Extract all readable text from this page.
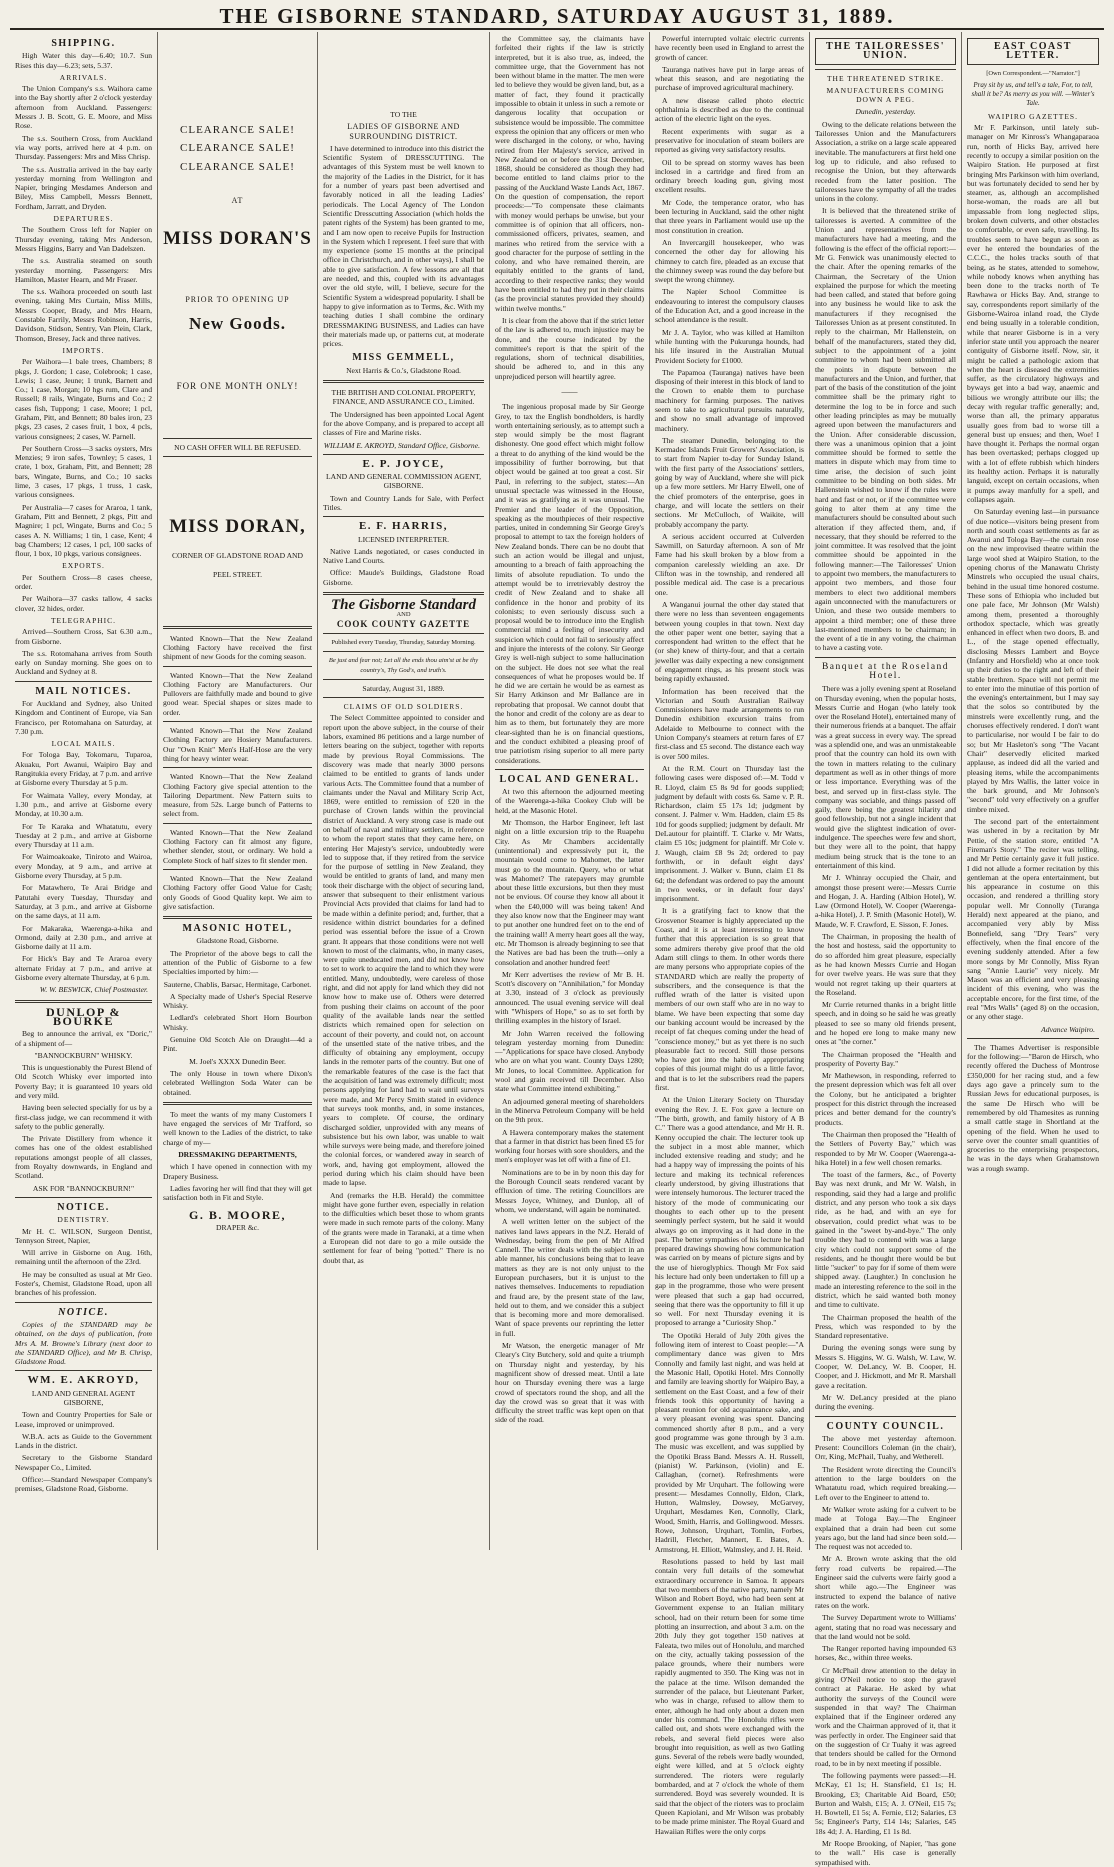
THE GISBORNE STANDARD, SATURDAY AUGUST 31, 1889.
SHIPPING.

High Water this day—6.40; 10.7. Sun Rises this day—6.23; sets, 5.37.

ARRIVALS.

The Union Company's s.s. Waihora came into the Bay shortly after 2 o'clock yesterday afternoon from Auckland. Passengers: Messrs J. B. Scott, G. E. Moore, and Miss Rose.

The s.s. Southern Cross, from Auckland via way ports, arrived here at 4 p.m. on Thursday. Passengers: Mrs and Miss Chrisp.

The s.s. Australia arrived in the bay early yesterday morning from Wellington and Napier, bringing Mesdames Anderson and Biley, Miss Campbell, Messrs Bennett, Fordham, Jarratt, and Dryden.

DEPARTURES.

The Southern Cross left for Napier on Thursday evening, taking Mrs Anderson, Messrs Higgins, Barry and Van Dadelszen.

The s.s. Australia steamed on south yesterday morning. Passengers: Mrs Hamilton, Master Hearn, and Mr Fraser.

The s.s. Waihora proceeded on south last evening, taking Mrs Curtain, Miss Mills, Messrs Cooper, Brady, and Mrs Hearn, Constable Farrily, Messrs Robinson, Harris, Davidson, Stidson, Sentry, Van Plein, Clark, Thomson, Bresey, Jack and three natives.

IMPORTS.

Per Waihora—1 bale trees, Chambers; 8 pkgs, J. Gordon; 1 case, Colebrook; 1 case, Lewis; 1 case, Jeune; 1 trunk, Barnett and Co.; 1 case, Morgan; 10 hgs rum, Clare and Russell; 8 rails, Wingate, Burns and Co.; 2 cases fish, Tuppong; 1 case, Moore; 1 pcl, Graham, Pitt, and Bennett; 80 bales iron, 23 pkgs, 23 cases, 2 cases fruit, 1 box, 4 pcls, various consignees; 2 cases, W. Parnell.

Per Southern Cross—3 sacks oysters, Mrs Menzies; 9 iron safes, Townley; 5 cases, 1 crate, 1 box, Graham, Pitt, and Bennett; 28 bars, Wingate, Burns, and Co.; 10 sacks lime, 3 cases, 17 pkgs, 1 truss, 1 cask, various consignees.

Per Australia—7 cases for Araroa, 1 tank, Graham, Pitt and Bennett, 2 pkgs, Pitt and Magnire; 1 pcl, Wingate, Burns and Co.; 5 cases A. N. Williams; 1 tin, 1 case, Kent; 4 bag Chambers; 12 cases, 1 pcl, 100 sacks of flour, 1 box, 10 pkgs, various consignees.

EXPORTS.

Per Southern Cross—8 cases cheese, order.

Per Waihora—37 casks tallow, 4 sacks clover, 32 hides, order.

TELEGRAPHIC.

Arrived—Southern Cross, Sat 6.30 a.m., from Gisborne.

The s.s. Rotomahana arrives from South early on Sunday morning. She goes on to Auckland and Sydney at 8.

MAIL NOTICES.

For Auckland and Sydney, also United Kingdom and Continent of Europe, via San Francisco, per Rotomahana on Saturday, at 7.30 p.m.

LOCAL MAILS.

For Tologa Bay, Tokomaru, Tuparoa, Akuaku, Port Awanui, Waipiro Bay and Rangitukia every Friday, at 7 p.m. and arrive at Gisborne every Thursday at 5 p.m.

For Waimata Valley, every Monday, at 1.30 p.m., and arrive at Gisborne every Monday, at 10.30 a.m.

For Te Karaka and Whatatutu, every Tuesday at 2 p.m., and arrive at Gisborne every Thursday at 11 a.m.

For Waimoakoake, Tiniroto and Wairoa, every Monday, at 9 a.m., and arrive at Gisborne every Thursday, at 5 p.m.

For Matawhero, Te Arai Bridge and Patutahi every Tuesday, Thursday and Saturday, at 3 p.m., and arrive at Gisborne on the same days, at 11 a.m.

For Makaraka, Waerenga-a-hika and Ormond, daily at 2.30 p.m., and arrive at Gisborne daily at 11 a.m.

For Hick's Bay and Te Araroa every alternate Friday at 7 p.m., and arrive at Gisborne every alternate Thursday, at 6 p.m.

W. W. BESWICK, Chief Postmaster.
DUNLOP & BOURKE

Beg to announce the arrival, ex "Doric," of a shipment of—

"BANNOCKBURN" WHISKY.

This is unquestionably the Purest Blend of Old Scotch Whisky ever imported into Poverty Bay; it is guaranteed 10 years old and very mild.

Having been selected specially for us by a first-class judge, we can recommend it with safety to the public generally.

The Private Distillery from whence it comes has one of the oldest established reputations amongst people of all classes, from Royalty downwards, in England and Scotland.

ASK FOR "BANNOCKBURN!"
NOTICE.
DENTISTRY.

Mr H. C. WILSON, Surgeon Dentist, Tennyson Street, Napier,

Will arrive in Gisborne on Aug. 16th, remaining until the afternoon of the 23rd.

He may be consulted as usual at Mr Geo. Foster's, Chemist, Gladstone Road, upon all branches of his profession.

NOTICE.

Copies of the STANDARD may be obtained, on the days of publication, from Mrs A. M. Browne's Library (next door to the STANDARD Office), and Mr B. Chrisp, Gladstone Road.

WM. E. AKROYD,
LAND AND GENERAL AGENT GISBORNE,

Town and Country Properties for Sale or Lease, improved or unimproved.

W.B.A. acts as Guide to the Government Lands in the district.

Secretary to the Gisborne Standard Newspaper Co., Limited.

Office:—Standard Newspaper Company's premises, Gladstone Road, Gisborne.

CLEARANCE SALE!
CLEARANCE SALE!
CLEARANCE SALE!
AT
MISS DORAN'S
PRIOR TO OPENING UP
New Goods.
FOR ONE MONTH ONLY!
NO CASH OFFER WILL BE REFUSED.
MISS DORAN,
CORNER OF GLADSTONE ROAD AND
PEEL STREET.

Wanted Known—That the New Zealand Clothing Factory have received the first shipment of new Goods for the coming season.

Wanted Known—That the New Zealand Clothing Factory are Manufacturers. Our Pullovers are faithfully made and bound to give good wear. Special shapes or sizes made to order.

Wanted Known—That the New Zealand Clothing Factory are Hosiery Manufacturers. Our "Own Knit" Men's Half-Hose are the very thing for heavy winter wear.

Wanted Known—That the New Zealand Clothing Factory give special attention to the Tailoring Department. New Pattern suits to measure, from 52s. Large bunch of Patterns to select from.

Wanted Known—That the New Zealand Clothing Factory can fit almost any figure, whether slender, stout, or ordinary. We hold a Complete Stock of half sizes to fit slender men.

Wanted Known—That the New Zealand Clothing Factory offer Good Value for Cash; only Goods of Good Quality kept. We aim to give satisfaction.

MASONIC HOTEL,
Gladstone Road, Gisborne.

The Proprietor of the above begs to call the attention of the Public of Gisborne to a few Specialties imported by him:—

Sauterne, Chablis, Barsac, Hermitage, Carbonet.

A Specialty made of Usher's Special Reserve Whisky.

Ledlard's celebrated Short Horn Bourbon Whisky.

Genuine Old Scotch Ale on Draught—4d a Pint.

M. Joel's XXXX Dunedin Beer.

The only House in town where Dixon's celebrated Wellington Soda Water can be obtained.

To meet the wants of my many Customers I have engaged the services of Mr Trafford, so well known to the Ladies of the district, to take charge of my—

DRESSMAKING DEPARTMENTS,

which I have opened in connection with my Drapery Business.

Ladies favoring her will find that they will get satisfaction both in Fit and Style.

G. B. MOORE,
DRAPER &c.
TO THE
LADIES OF GISBORNE AND SURROUNDING DISTRICT.

I have determined to introduce into this district the Scientific System of DRESSCUTTING. The advantages of this System must be well known to the majority of the Ladies in the District, for it has for a number of years past been advertised and favorably noticed in all the leading Ladies' periodicals. The Local Agency of The London Scientific Dresscutting Association (which holds the patent rights of the System) has been granted to me, and I am now open to receive Pupils for Instruction in the System which I represent. I feel sure that with my experience (some 15 months at the principal office in Christchurch, and in other ways), I shall be able to give satisfaction. A few lessons are all that are needed, and this, coupled with its advantages over the old style, will, I believe, secure for the Scientific System a widespread popularity. I shall be happy to give information as to Terms, &c. With my teaching duties I shall combine the ordinary DRESSMAKING BUSINESS, and Ladies can have their materials made up, or patterns cut, at moderate prices.

MISS GEMMELL,
Next Harris & Co.'s, Gladstone Road.
THE BRITISH AND COLONIAL PROPERTY, FINANCE, AND ASSURANCE CO., Limited.

The Undersigned has been appointed Local Agent for the above Company, and is prepared to accept all classes of Fire and Marine risks.

WILLIAM E. AKROYD, Standard Office, Gisborne.
E. P. JOYCE,
LAND AND GENERAL COMMISSION AGENT, GISBORNE.

Town and Country Lands for Sale, with Perfect Titles.

E. F. HARRIS,
LICENSED INTERPRETER.

Native Lands negotiated, or cases conducted in Native Land Courts.

Office: Maude's Buildings, Gladstone Road Gisborne.

The Gisborne Standard
AND
COOK COUNTY GAZETTE
Published every Tuesday, Thursday, Saturday Morning.
Be just and fear not; Let all the ends thou aim'st at be thy country's, Thy God's, and truth's.
Saturday, August 31, 1889.
CLAIMS OF OLD SOLDIERS.

The Select Committee appointed to consider and report upon the above subject, in the course of their labors, examined 86 petitions and a large number of letters bearing on the subject, together with reports made by previous Royal Commissions. The discovery was made that nearly 3000 persons claimed to be entitled to grants of lands under various Acts. The Committee found that a number of claimants under the Naval and Military Scrip Act, 1869, were entitled to remission of £20 in the purchase of Crown lands within the provincial district of Auckland. A very strong case is made out on behalf of naval and military settlers, in reference to whom the report states that they came here, on entering Her Majesty's service, undoubtedly were led to suppose that, if they retired from the service for the purpose of settling in New Zealand, they would be entitled to grants of land, and many men took their discharge with the object of securing land, answer that subsequent to their enlistment various Provincial Acts provided that claims for land had to be made within a definite period; and, further, that a residence within district boundaries for a defined period was essential before the issue of a Crown grant. It appears that those conditions were not well known to most of the claimants, who, in many cases, were quite uneducated men, and did not know how to set to work to acquire the land to which they were entitled. Many, undoubtedly, were careless of those right, and did not apply for land which they did not know how to make use of. Others were deterred from pushing their claims on account of the poor quality of the available lands near the settled districts which remained open for selection on account of their poverty, and could not, on account of the unsettled state of the native tribes, and the difficulty of obtaining any employment, occupy lands in the remoter parts of the country. But one of the remarkable features of the case is the fact that the acquisition of land was extremely difficult; most persons applying for land had to wait until surveys were made, and Mr Percy Smith stated in evidence that surveys took months, and, in some instances, years to complete. Of course, the ordinary discharged soldier, unprovided with any means of subsistence but his own labor, was unable to wait while surveys were being made, and therefore joined the colonial forces, or wandered away in search of work, and, having got employment, allowed the period during which his claim should have been made to lapse.

And (remarks the H.B. Herald) the committee might have gone further even, especially in relation to the difficulties which beset those to whom grants were made in such remote parts of the colony. Many of the grants were made in Taranaki, at a time when a European did not dare to go a mile outside the settlement for fear of being "potted." There is no doubt that, as

the Committee say, the claimants have forfeited their rights if the law is strictly interpreted, but it is also true, as, indeed, the committee urge, that the Government has not been without blame in the matter. The men were led to believe they would be given land, but, as a matter of fact, they found it practically impossible to obtain it unless in such a remote or dangerous locality that occupation or subsistence would be impossible. The committee express the opinion that any officers or men who were discharged in the colony, or who, having retired from Her Majesty's service, arrived in New Zealand on or before the 31st December, 1868, should be considered as though they had become entitled to land claims prior to the passing of the Auckland Waste Lands Act, 1867. On the question of compensation, the report proceeds:—"To compensate these claimants with money would perhaps be unwise, but your committee is of opinion that all officers, non-commissioned officers, privates, seamen, and marines who retired from the service with a good character for the purpose of settling in the colony, and who have remained therein, are equitably entitled to the grants of land, according to their respective ranks; they would have been entitled to had they put in their claims (as the provincial statutes provided they should) within twelve months."

It is clear from the above that if the strict letter of the law is adhered to, much injustice may be done, and the course indicated by the committee's report is that the spirit of the regulations, shorn of technical disabilities, should be adhered to, and in this any unprejudiced person will heartily agree.

——

The ingenious proposal made by Sir George Grey, to tax the English bondholders, is hardly worth entertaining seriously, as to attempt such a step would simply be the most flagrant dishonesty. One good effect which might follow a threat to do anything of the kind would be the impossibility of further borrowing, but that object would be gained at too great a cost. Sir Paul, in referring to the subject, states:—An unusual spectacle was witnessed in the House, and it was as gratifying as it was unusual. The Premier and the leader of the Opposition, speaking as the mouthpieces of their respective parties, united in condemning Sir George Grey's proposal to attempt to tax the foreign holders of New Zealand bonds. There can be no doubt that such an action would be illegal and unjust, amounting to a breach of faith approaching the limits of absolute repudiation. To undo the attempt would be to irretrievably destroy the credit of New Zealand and to shake all confidence in the honor and probity of its colonists; to even seriously discuss such a proposal would be to introduce into the English commercial mind a feeling of insecurity and suspicion which could not fail to seriously affect and injure the interests of the colony. Sir George Grey is well-nigh subject to some hallucination on the subject. He does not see what the real consequences of what he proposes would be. If he did we are certain he would be as earnest as Sir Harry Atkinson and Mr Ballance are in reprobating that proposal. We cannot doubt that the honor and credit of the colony are as dear to him as to them, but fortunately they are more clear-sighted than he is on financial questions, and the conduct exhibited a pleasing proof of true patriotism rising superior to all mere party considerations.

LOCAL AND GENERAL.

At two this afternoon the adjourned meeting of the Waerenga-a-hika Cookey Club will be held, at the Masonic Hotel.

Mr Thomson, the Harbor Engineer, left last night on a little excursion trip to the Ruapehu City. As Mr Chambers accidentally (unintentional) and expressively put it, the mountain would come to Mahomet, the latter must go to the mountain. Query, who or what was Mahomet? The ratepayers may grumble about these little excursions, but then they must not be envious. Of course they know all about it when the £40,000 will was being taken! And they also know now that the Engineer may want to put another one hundred feet on to the end of the training wall! A merry heart goes all the way, etc. Mr Thomson is already beginning to see that the Natives are bad has been the truth—only a consolation and another hundred feet!

Mr Kerr advertises the review of Mr B. H. Scott's discovery on "Annihilation," for Monday at 3.30, instead of 3 o'clock as previously announced. The usual evening service will deal with "Whispers of Hope," so as to set forth by thrilling examples in the history of Israel.

Mr John Warren received the following telegram yesterday morning from Dunedin:—"Applications for space have closed. Anybody who are on what you want. County Days 1280; Mr Jones, to local Committee. Application for wool and grain received till December. Also state what Committee intend exhibiting."

An adjourned general meeting of shareholders in the Minerva Petroleum Company will be held on the 9th prox.

A Hawera contemporary makes the statement that a farmer in that district has been fined £5 for working four horses with sore shoulders, and the men's employer was let off with a fine of £1.

Nominations are to be in by noon this day for the Borough Council seats rendered vacant by effluxion of time. The retiring Councillors are Messrs Joyce, Whitney, and Dunlop, all of whom, we understand, will again be nominated.

A well written letter on the subject of the natives land laws appears in the N.Z. Herald of Wednesday, being from the pen of Mr Alfred Cannell. The writer deals with the subject in an able manner, his conclusions being that to leave matters as they are is not only unjust to the European purchasers, but it is unjust to the natives themselves. Inducements to repudiation and fraud are, by the present state of the law, held out to them, and we consider this a subject that is becoming more and more demoralised. Want of space prevents our reprinting the letter in full.

Mr Watson, the energetic manager of Mr Cleary's City Butchery, sold and quite a triumph on Thursday night and yesterday, by his magnificent show of dressed meat. Until a late hour on Thursday evening there was a large crowd of spectators round the shop, and all the day the crowd was so great that it was with difficulty the street traffic was kept open on that side of the road.

Powerful interrupted voltaic electric currents have recently been used in England to arrest the growth of cancer.

Tauranga natives have put in large areas of wheat this season, and are negotiating the purchase of improved agricultural machinery.

A new disease called photo electric ophthalmia is described as due to the continual action of the electric light on the eyes.

Recent experiments with sugar as a preservative for inoculation of steam boilers are reported as giving very satisfactory results.

Oil to be spread on stormy waves has been inclosed in a cartridge and fired from an ordinary breech loading gun, giving most excellent results.

Mr Code, the temperance orator, who has been lecturing in Auckland, said the other night that three years in Parliament would use up the most constitution in creation.

An Invercargill housekeeper, who was concerned the other day for allowing his chimney to catch fire, pleaded as an excuse that the chimney sweep was round the day before but swept the wrong chimney.

The Napier School Committee is endeavouring to interest the compulsory clauses of the Education Act, and a good increase in the school attendance is the result.

Mr J. A. Taylor, who was killed at Hamilton while hunting with the Pukurunga hounds, had his life insured in the Australian Mutual Provident Society for £1000.

The Papamoa (Tauranga) natives have been disposing of their interest in this block of land to the Crown to enable them to purchase machinery for farming purposes. The natives seem to take to agricultural pursuits naturally, and show no small advantage of improved machinery.

The steamer Dunedin, belonging to the Kermadec Islands Fruit Growers' Association, is to start from Napier to-day for Sunday Island, with the first party of the Associations' settlers, going by way of Auckland, where she will pick up a few more settlers. Mr Harry Elwell, one of the chief promoters of the enterprise, goes in charge, and will locate the settlers on their sections. Mr McCulloch, of Waikite, will probably accompany the party.

A serious accident occurred at Culverden Sawmill, on Saturday afternoon. A son of Mr Fame had his skull broken by a blow from a companion carelessly wielding an axe. Dr Clifton was in the township, and rendered all possible medical aid. The case is a precarious one.

A Wanganui journal the other day stated that there were no less than seventeen engagements between young couples in that town. Next day the other paper went one better, saying that a correspondent had written to the effect that he (or she) knew of thirty-four, and that a certain jeweller was daily expecting a new consignment of engagement rings, as his present stock was being rapidly exhausted.

Information has been received that the Victorian and South Australian Railway Commissioners have made arrangements to run Dunedin exhibition excursion trains from Adelaide to Melbourne to connect with the Union Company's steamers at return fares of £7 first-class and £5 second. The distance each way is over 500 miles.

At the R.M. Court on Thursday last the following cases were disposed of:—M. Todd v R. Lloyd, claim £5 8s 9d for goods supplied; judgment by default with costs 6s. Same v. P. R. Richardson, claim £5 17s 1d; judgment by consent. J. Palmer v. Wm. Hadden, claim £5 8s 10d for goods supplied; judgment by default. Mr DeLautour for plaintiff. T. Clarke v. Mr Watts, claim £5 10s; judgment for plaintiff. Mr Cole v. J. Waugh, claim £8 9s 2d; ordered to pay forthwith, or in default eight days' imprisonment. J. Walker v. Bunn, claim £1 8s 6d; the defendant was ordered to pay the amount in two weeks, or in default four days' imprisonment.

It is a gratifying fact to know that the Grosvenor Steamer is highly appreciated up the Coast, and it is at least interesting to know further that this appreciation is so great that some admirers thereby give proof that the old Adam still clings to them. In other words there are many persons who appropriate copies of the STANDARD which are really the property of subscribers, and the consequence is that the ruffled wrath of the latter is visited upon members of our own staff who are in no way to blame. We have been expecting that some day our banking account would be increased by the receipt of fat cheques coming under the head of "conscience money," but as yet there is no such pleasurable fact to record. Still those persons who have got into the habit of appropriating copies of this journal might do us a little favor, and that is to let the subscribers read the papers first.

At the Union Literary Society on Thursday evening the Rev. J. E. Fox gave a lecture on "The birth, growth, and family history of A B C." There was a good attendance, and Mr H. R. Kenny occupied the chair. The lecturer took up the subject in a most able manner, which included extensive reading and study; and he had a happy way of impressing the points of his lecture and making its technical references clearly understood, by giving illustrations that were intensely humorous. The lecturer traced the history of the mode of communicating our thoughts to each other up to the present seemingly perfect system, but he said it would always go on improving as it had done in the past. The better sympathies of his lecture he had prepared drawings showing how communication was carried on by means of picture signs and by the use of hieroglyphics. Though Mr Fox said his lecture had only been undertaken to fill up a gap in the programme, those who were present were pleased that such a gap had occurred, seeing that there was the opportunity to fill it up so well. For next Thursday evening it is proposed to arrange a "Curiosity Shop."

The Opotiki Herald of July 20th gives the following item of interest to Coast people:—"A complimentary dance was given to Mrs Connolly and family last night, and was held at the Masonic Hall, Opotiki Hotel. Mrs Connolly and family are leaving shortly for Waipiro Bay, a settlement on the East Coast, and a few of their friends took this opportunity of having a pleasant reunion for old acquaintance sake, and a very pleasant evening was spent. Dancing commenced shortly after 8 p.m., and a very good programme was gone through by 3 a.m. The music was excellent, and was supplied by the Opotiki Brass Band. Messrs A. H. Russell, (pianist) W. Parkinson, (violin) and E. Callaghan, (cornet). Refreshments were provided by Mr Urquhart. The following were present:— Mesdames Connolly, Eldon, Clark, Hutton, Walmsley, Dowsey, McGarvey, Urquhart, Mesdames Ken, Connolly, Clark, Wood, Smith, Harris, and Gollingwood. Messrs. Rowe, Johnson, Urquhart, Tomlin, Forbes, Hadrill, Fletcher, Mannert, E. Bates, A. Armstrong, H. Elliott, Walmsley, and J. H. Reid.

Resolutions passed to held by last mail contain very full details of the somewhat extraordinary occurrence in Samoa. It appears that two members of the native party, namely Mr Wilson and Robert Boyd, who had been sent at Government expense to an Italian military school, had on their return been for some time plotting an insurrection, and about 3 a.m. on the 20th July they got together 150 natives at Faleata, two miles out of Honolulu, and marched on the city, actually taking possession of the palace grounds, where their numbers were rapidly augmented to 350. The King was not in the palace at the time. Wilson demanded the surrender of the palace, but Lieutenant Parker, who was in charge, refused to allow them to enter, although he had only about a dozen men under his command. The Honolulu rifles were called out, and shots were exchanged with the rebels, and several field pieces were also brought into requisition, as well as two Gatling guns. Several of the rebels were badly wounded, eight were killed, and at 5 o'clock eighty surrendered. The rioters were regularly bombarded, and at 7 o'clock the whole of them surrendered. Boyd was severely wounded. It is said that the object of the rioters was to proclaim Queen Kapiolani, and Mr Wilson was probably to be made prime minister. The Royal Guard and Hawaiian Rifles were the only corps

THE TAILORESSES' UNION.
THE THREATENED STRIKE.
MANUFACTURERS COMING DOWN A PEG.
Dunedin, yesterday.

Owing to the delicate relations between the Tailoresses Union and the Manufacturers Association, a strike on a large scale appeared inevitable. The manufacturers at first held one log up to ridicule, and also refused to recognise the Union, but they afterwards receded from the latter position. The tailoresses have the sympathy of all the trades unions in the colony.

It is believed that the threatened strike of tailoresses is averted. A committee of the Union and representatives from the manufacturers have had a meeting, and the following is the effect of the official report:—Mr G. Fenwick was unanimously elected to the chair. After the opening remarks of the Chairman, the Secretary of the Union explained the purpose for which the meeting had been called, and stated that before going into any business he would like to ask the manufacturers if they recognised the Tailoresses Union as at present constituted. In reply to the chairman, Mr Hallenstein, on behalf of the manufacturers, stated they did, subject to the appointment of a joint committee to whom had been submitted all the points in dispute between the manufacturers and the Union, and further, that part of the basis of the constitution of the joint committee shall be the primary right to determine the log to be in force and such other leading principles as may be mutually agreed upon between the manufacturers and the Union. After considerable discussion, there was a unanimous opinion that a joint committee should be formed to settle the matters in dispute which may from time to time arise, the decision of such joint committee to be binding on both sides. Mr Hallenstein wished to know if the rules were hard and fast or not, or if the committee were going to alter them at any time the manufacturers should be consulted about such alteration if they affected them, and, if necessary, that they should be referred to the joint committee. It was resolved that the joint committee should be appointed in the following manner:—The Tailoresses' Union to appoint two members, the manufacturers to appoint two members, and those four members to elect two additional members again unconnected with the manufacturers or Union, and these two outside members to appoint a third member; one of these three last-mentioned members to be chairman; in the event of a tie in any voting, the chairman to have a casting vote.

Banquet at the Roseland Hotel.

There was a jolly evening spent at Roseland on Thursday evening, when the popular hosts, Messrs Currie and Hogan (who lately took over the Roseland Hotel), entertained many of their numerous friends at a banquet. The affair was a great success in every way. The spread was a splendid one, and was an unmistakeable proof that the country can hold its own with the town in matters relating to the culinary department as well as in other things of more or less importance. Everything was of the best, and served up in first-class style. The company was sociable, and things passed off gaily, there being the greatest hilarity and good fellowship, but not a single incident that would give the slightest indication of over-indulgence. The speeches were few and short, but they were all to the point, that happy medium being struck that is the tone to an entertainment of this kind.

Mr J. Whinray occupied the Chair, and amongst those present were:—Messrs Currie and Hogan, J. A. Harding (Albion Hotel), W. Law (Ormond Hotel), W. Cooper (Waerenga-a-hika Hotel), J. P. Smith (Masonic Hotel), W. Maude, W. F. Crawford, E. Sisson, F. Jones.

The Chairman, in proposing the health of the host and hostess, said the opportunity to do so afforded him great pleasure, especially as he had known Messrs Currie and Hogan for over twelve years. He was sure that they would not regret taking up their quarters at the Roseland.

Mr Currie returned thanks in a bright little speech, and in doing so he said he was greatly pleased to see so many old friends present, and he hoped ere long to make many new ones at "the corner."

The Chairman proposed the "Health and prosperity of Poverty Bay."

Mr Mathewson, in responding, referred to the present depression which was felt all over the Colony, but he anticipated a brighter prospect for this district through the increased prices and better demand for the country's products.

The Chairman then proposed the "Health of the Settlers of Poverty Bay," which was responded to by Mr W. Cooper (Waerenga-a-hika Hotel) in a few well chosen remarks.

The toast of the farmers, &c., of Poverty Bay was next drunk, and Mr W. Walsh, in responding, said they had a large and prolific district, and any person who took a six days ride, as he had, and with an eye for observation, could predict what was to be gained in the "sweet by-and-bye." The only trouble they had to contend with was a large city which could not support some of the residents, and he thought there would be but little "sucker" to pay for if some of them were shipped away. (Laughter.) In conclusion he made an interesting reference to the soil in the district, which he said wanted both money and time to cultivate.

The Chairman proposed the health of the Press, which was responded to by the Standard representative.

During the evening songs were sung by Messrs S. Higgins, W. G. Walsh, W. Law, W. Cooper, W. DeLancy, W. B. Cooper, H. Cooper, and J. Hickmott, and Mr R. Marshall gave a recitation.

Mr W. DeLancy presided at the piano during the evening.

COUNTY COUNCIL.

The above met yesterday afternoon. Present: Councillors Coleman (in the chair), Orr, King, McPhail, Tuahy, and Wetherell.

The Resident wrote directing the Council's attention to the large boulders on the Whatatutu road, which required breaking.—Left over to the Engineer to attend to.

Mr Walker wrote asking for a culvert to be made at Tologa Bay.—The Engineer explained that a drain had been cut some years ago, but the land had since been sold.—The request was not acceded to.

Mr A. Brown wrote asking that the old ferry road culverts be repaired.—The Engineer said the culverts were fairly good a short while ago.—The Engineer was instructed to expend the balance of native rates on the work.

The Survey Department wrote to Williams' agent, stating that no road was necessary and that the land would not be sold.

The Ranger reported having impounded 63 horses, &c., within three weeks.

Cr McPhail drew attention to the delay in giving O'Neil notice to stop the gravel contract at Pakarae. He asked by what authority the surveys of the Council were suspended in that way? The Chairman explained that if the Engineer ordered any work and the Chairman approved of it, that it was perfectly in order. The Engineer said that on the suggestion of Cr Tuahy it was agreed that tenders should be called for the Ormond road, to be in by next meeting if possible.

The following payments were passed:—H. McKay, £1 1s; H. Stansfield, £1 1s; H. Brooking, £3; Charitable Aid Board, £50; Burton and Walsh, £15; A. J. O'Neil, £15 7s; H. Bowtell, £1 5s; A. Fernie, £12; Salaries, £3 5s; Engineer's Party, £14 14s; Salaries, £45 18s 4d; J. A. Harding, £1 1s 8d.

Mr Roope Brooking, of Napier, "has gone to the wall." His case is generally sympathised with.

EAST COAST LETTER.
[Own Correspondent.—"Narrator."]
Pray sit by us, and tell's a tale, For, to tell, shall it be? As merry as you will. —Winter's Tale.
WAIPIRO GAZETTES.

Mr F. Parkinson, until lately sub-manager on Mr Kinross's Whangaparaoa run, north of Hicks Bay, arrived here recently to occupy a similar position on the Waipiro Station. He purposed at first bringing Mrs Parkinson with him overland, but was fortunately decided to send her by steamer, as, although an accomplished horse-woman, the roads are all but impassable from long neglected slips, broken down culverts, and other obstacles to comfortable, or even safe, travelling. Its troubles seem to have begun as soon as ever he entered the boundaries of the C.C.C., the holes tracks south of that being, as he states, attended to somehow, while nobody knows when anything has been done to the tracks north of Te Rawhawa or Hicks Bay. And, strange to say, correspondents report similarly of the Gisborne-Wairoa inland road, the Clyde end being usually in a tolerable condition, while that nearer Gisborne is in a very inferior state until you approach the nearer contiguity of Gisborne itself. Now, sir, it might be called a pathologic axiom that when the heart is diseased the extremities suffer, as the circulatory highways and byways get into a bad way, anaemic and bilious we wrongly attribute our ills; the decay with regular traffic generally; and, worse than all, the primary apparatus usually goes from bad to worse till a general bust up ensues; and then, Woe! I have thought it. Perhaps the normal organ has been overtasked; perhaps clogged up with a lot of effete rubbish which hinders its healthy action. Perhaps it is naturally languid, except on certain occasions, when it pumps away manfully for a spell, and collapses again.

On Saturday evening last—in pursuance of due notice—visitors being present from north and south coast settlements as far as Awanui and Tologa Bay—the curtain rose on the new improvised theatre within the large wool shed at Waipiro Station, to the opening chorus of the Manawatu Christy Minstrels who occupied the usual chairs, behind in the usual time honored costume. These sons of Ethiopia who included but one pale face, Mr Johnson (Mr Walsh) among them, presented a thoroughly orthodox spectacle, which was greatly enhanced in effect when two doors, B. and L., of the stage opened effectually, disclosing Messrs Lambert and Boyce (Infantry and Horsfield) who at once took up their duties to the right and left of their stable brethren. Space will not permit me to enter into the minutiae of this portion of the evening's entertainment, but I may say that the solos so contributed by the minstrels were excellently rung, and the choruses effectively rendered. I don't want to particularise, nor would I be fair to do so; but Mr Hasleton's song "The Vacant Chair" deservedly elicited marked applause, as indeed did all the varied and pleasing items, while the accompaniments played by Mrs Wallis, the latter voice in the bark ground, and Mr Johnson's "second" told very effectively on a gruffer timbre mixed.

The second part of the entertainment was ushered in by a recitation by Mr Pettie, of the station store, entitled "A Fireman's Story." The reciter was telling, and Mr Pettie certainly gave it full justice. I did not allude a former recitation by this gentleman at the opera entertainment, but his appearance in costume on this occasion, and rendered a thrilling story popular well. Mr Connolly (Turanga Herald) next appeared at the piano, and accompanied very ably by Miss Bonnefield, sang "Dry Tears" very effectively, when the final encore of the evening suddenly attended. After a few more songs by Mr Connolly, Miss Ryan sang "Annie Laurie" very nicely. Mr Mason was an efficient and very pleasing incident of this evening, who was the acceptable encore, for the first time, of the real "Mrs Walls" (aged 8) on the occasion, or any other stage.

Advance Waipiro.

The Thames Advertiser is responsible for the following:—"Baron de Hirsch, who recently offered the Duchess of Montrose £350,000 for her racing stud, and a few days ago gave a princely sum to the Russian Jews for educational purposes, is the same De Hirsch who will be remembered by old Thamesites as running a small cattle stage in Shortland at the opening of the field. When he used to serve over the counter small quantities of groceries to the enterprising prospectors, he was in the days when Grahamstown was a rough swamp.
